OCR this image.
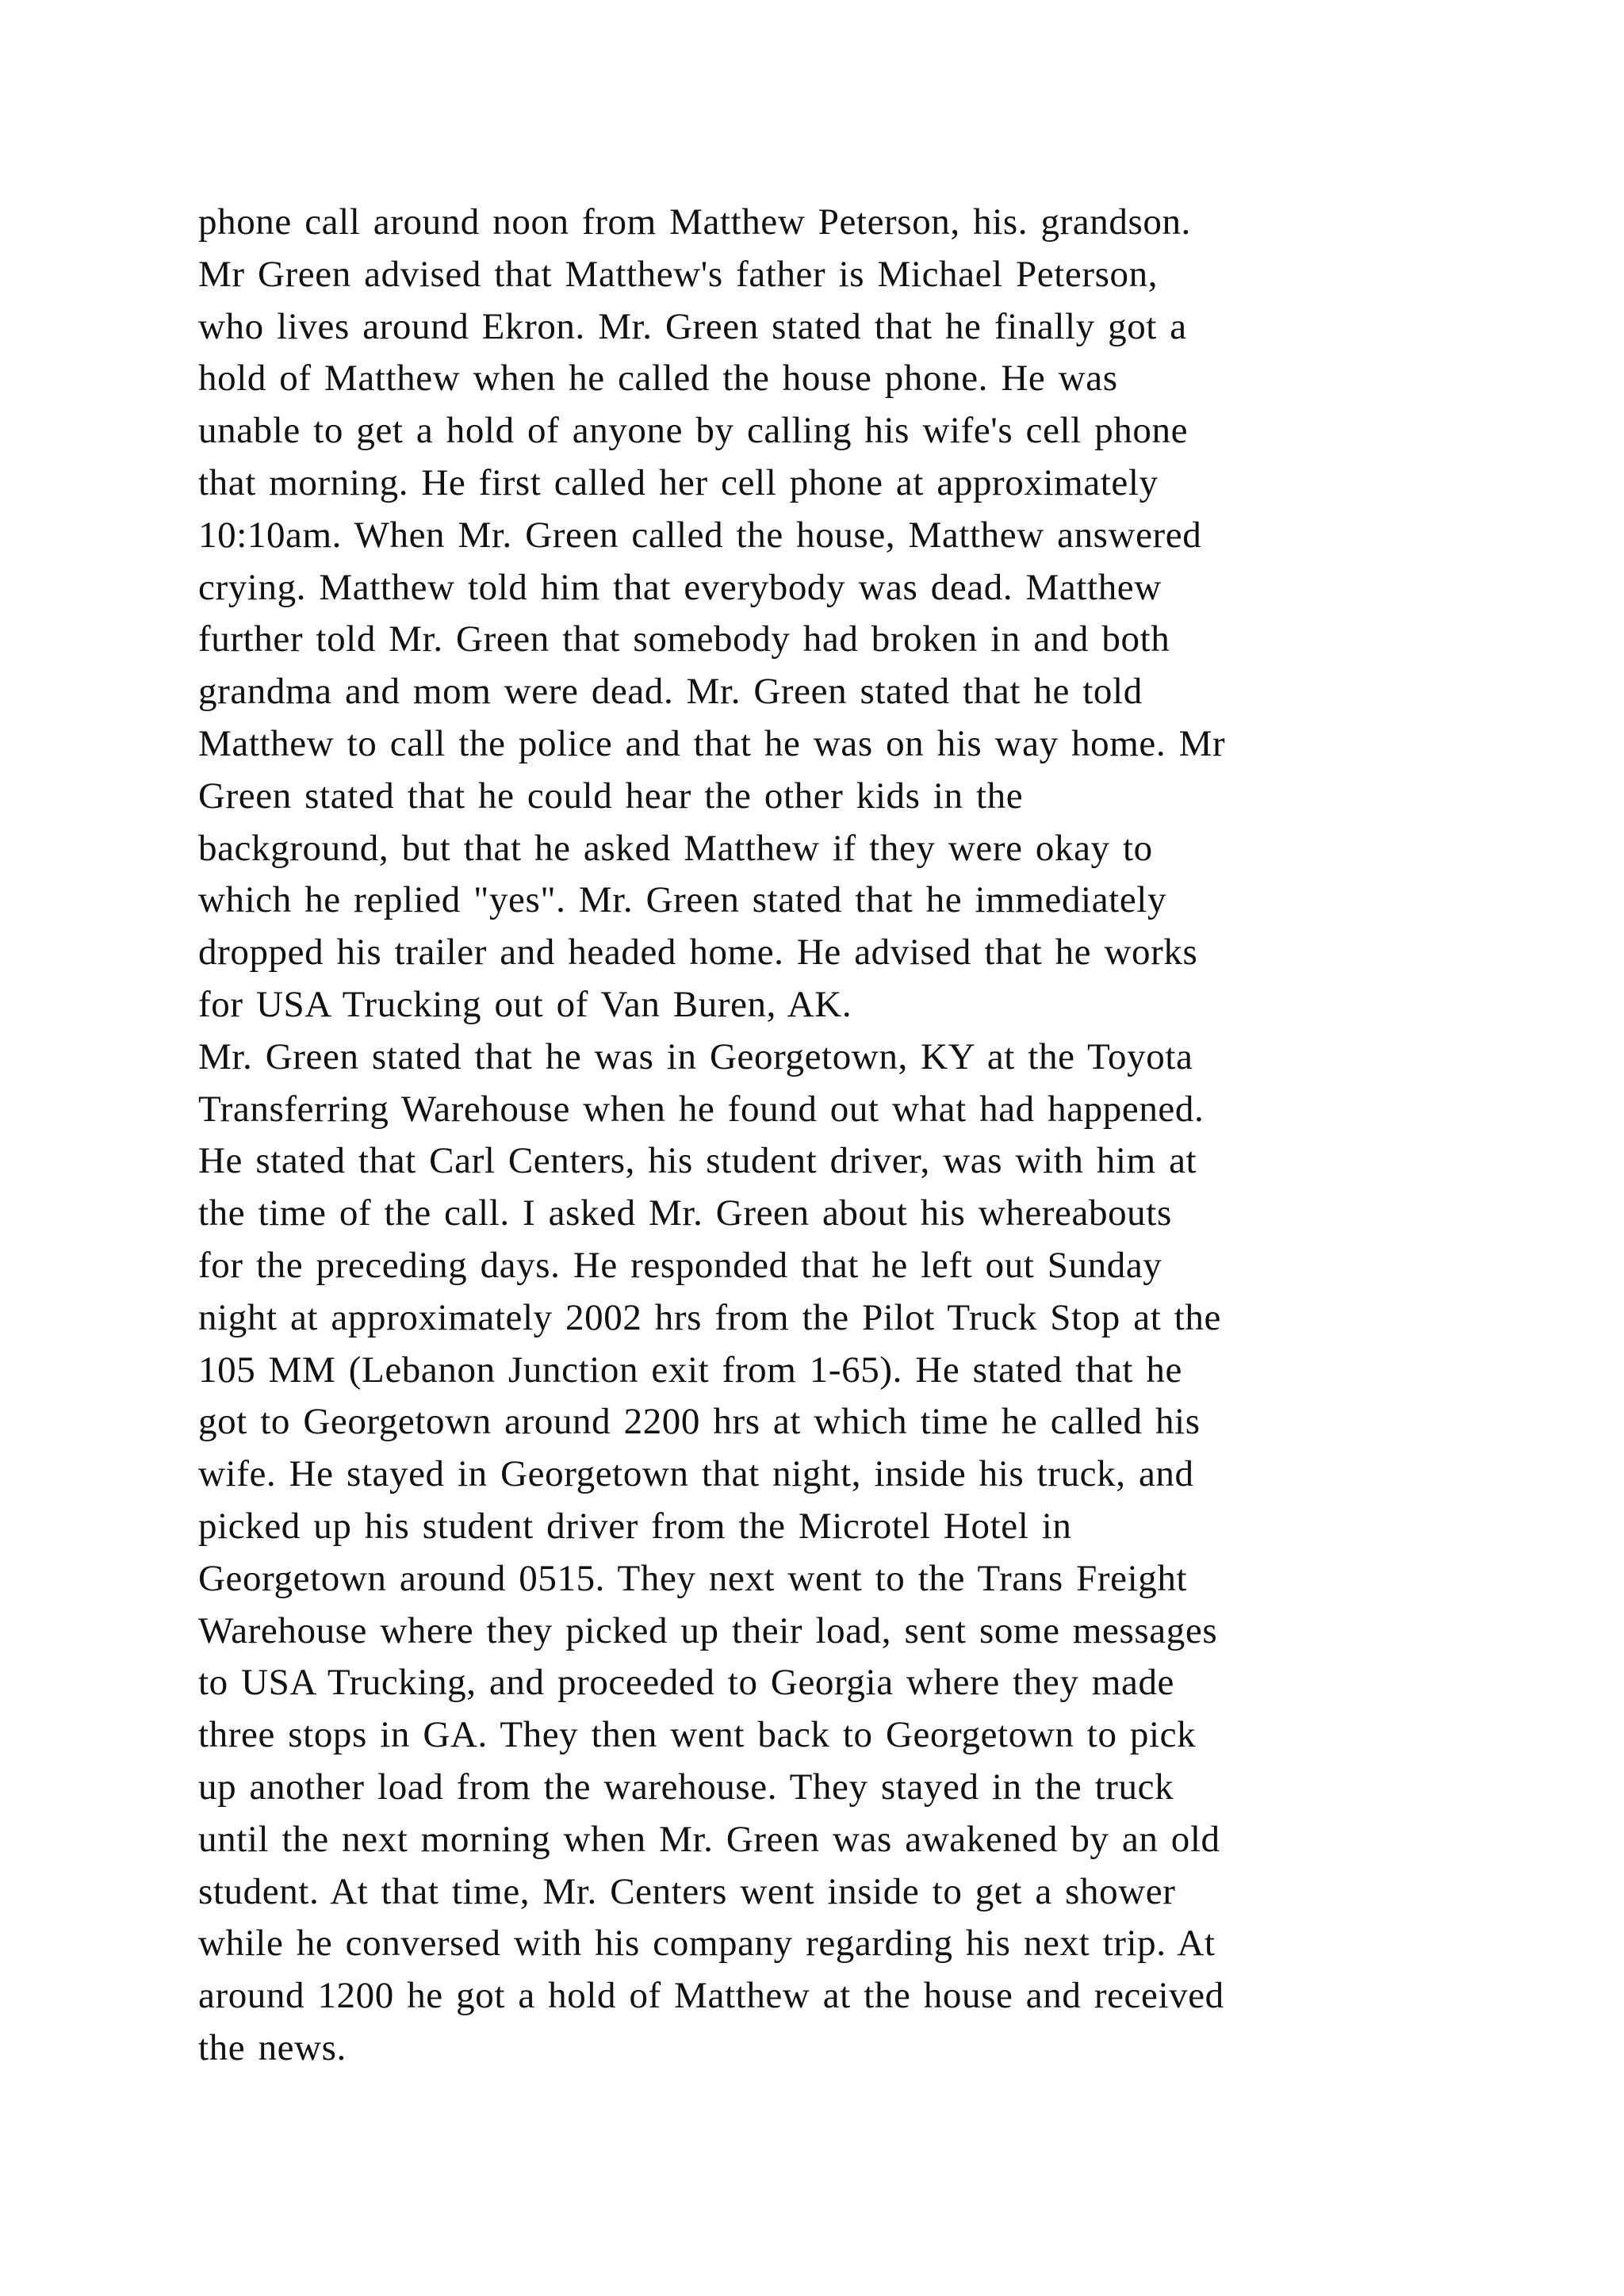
phone call around noon from Matthew Peterson, his. grandson.
Mr Green advised that Matthew's father is Michael Peterson,
who lives around Ekron. Mr. Green stated that he finally got a
hold of Matthew when he called the house phone. He was
unable to get a hold of anyone by calling his wife's cell phone
that morning. He first called her cell phone at approximately
10:10am. When Mr. Green called the house, Matthew answered
crying. Matthew told him that everybody was dead. Matthew
further told Mr. Green that somebody had broken in and both
grandma and mom were dead. Mr. Green stated that he told
Matthew to call the police and that he was on his way home. Mr
Green stated that he could hear the other kids in the
background, but that he asked Matthew if they were okay to
which he replied "yes". Mr. Green stated that he immediately
dropped his trailer and headed home. He advised that he works
for USA Trucking out of Van Buren, AK.
Mr. Green stated that he was in Georgetown, KY at the Toyota
Transferring Warehouse when he found out what had happened.
He stated that Carl Centers, his student driver, was with him at
the time of the call. I asked Mr. Green about his whereabouts
for the preceding days. He responded that he left out Sunday
night at approximately 2002 hrs from the Pilot Truck Stop at the
105 MM (Lebanon Junction exit from 1-65). He stated that he
got to Georgetown around 2200 hrs at which time he called his
wife. He stayed in Georgetown that night, inside his truck, and
picked up his student driver from the Microtel Hotel in
Georgetown around 0515. They next went to the Trans Freight
Warehouse where they picked up their load, sent some messages
to USA Trucking, and proceeded to Georgia where they made
three stops in GA. They then went back to Georgetown to pick
up another load from the warehouse. They stayed in the truck
until the next morning when Mr. Green was awakened by an old
student. At that time, Mr. Centers went inside to get a shower
while he conversed with his company regarding his next trip. At
around 1200 he got a hold of Matthew at the house and received
the news.
